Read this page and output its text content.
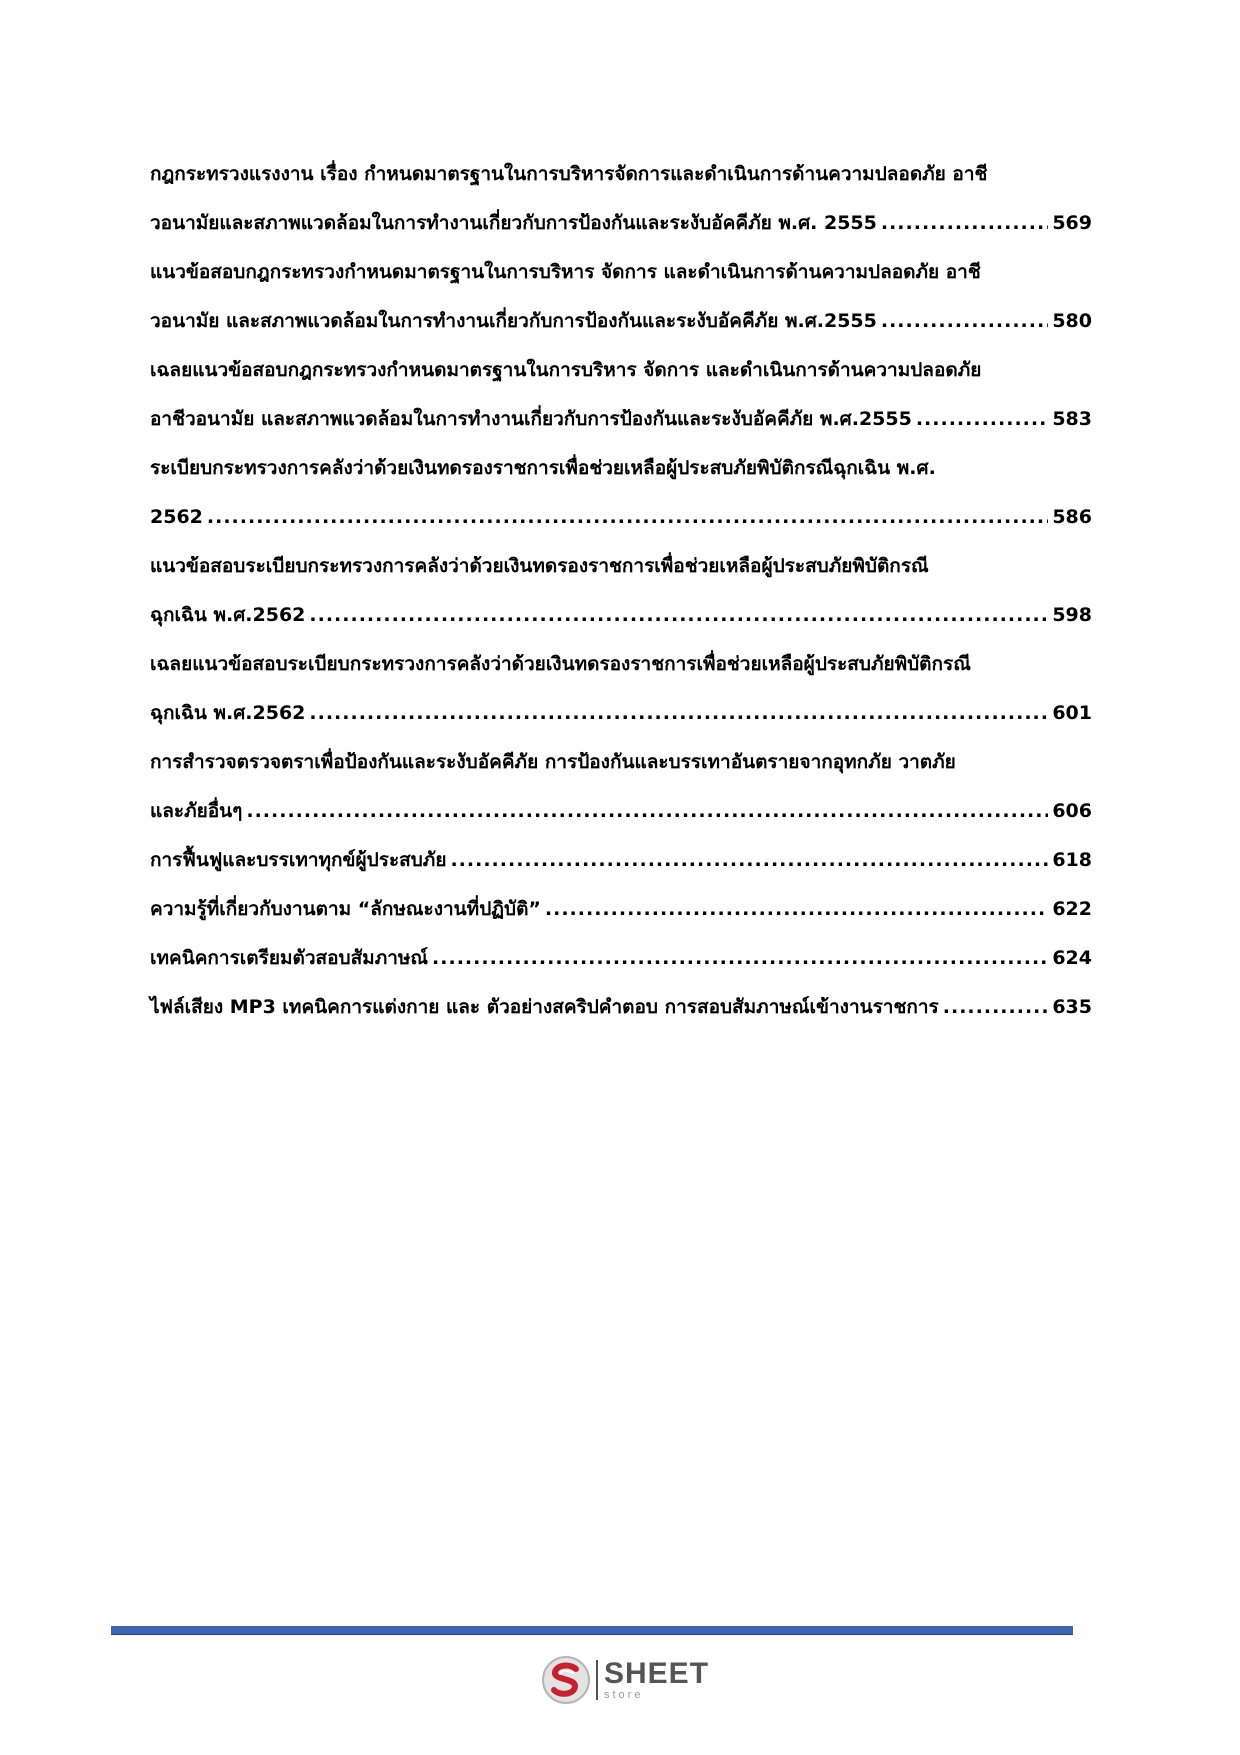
กฎกระทรวงแรงงาน เรื่อง กำหนดมาตรฐานในการบริหารจัดการและดำเนินการด้านความปลอดภัย อาชี
วอนามัยและสภาพแวดล้อมในการทำงานเกี่ยวกับการป้องกันและระงับอัคคีภัย พ.ศ. 2555 .....	569
แนวข้อสอบกฎกระทรวงกำหนดมาตรฐานในการบริหาร จัดการ และดำเนินการด้านความปลอดภัย อาชี
วอนามัย และสภาพแวดล้อมในการทำงานเกี่ยวกับการป้องกันและระงับอัคคีภัย พ.ศ.2555 .....	580
เฉลยแนวข้อสอบกฎกระทรวงกำหนดมาตรฐานในการบริหาร จัดการ และดำเนินการด้านความปลอดภัย
อาชีวอนามัย และสภาพแวดล้อมในการทำงานเกี่ยวกับการป้องกันและระงับอัคคีภัย พ.ศ.2555 .....	583
ระเบียบกระทรวงการคลังว่าด้วยเงินทดรองราชการเพื่อช่วยเหลือผู้ประสบภัยพิบัติกรณีฉุกเฉิน พ.ศ.
2562 .....	586
แนวข้อสอบระเบียบกระทรวงการคลังว่าด้วยเงินทดรองราชการเพื่อช่วยเหลือผู้ประสบภัยพิบัติกรณี
ฉุกเฉิน พ.ศ.2562 .....	598
เฉลยแนวข้อสอบระเบียบกระทรวงการคลังว่าด้วยเงินทดรองราชการเพื่อช่วยเหลือผู้ประสบภัยพิบัติกรณี
ฉุกเฉิน พ.ศ.2562 .....	601
การสำรวจตรวจตราเพื่อป้องกันและระงับอัคคีภัย การป้องกันและบรรเทาอันตรายจากอุทกภัย วาตภัย
และภัยอื่นๆ .....	606
การฟื้นฟูและบรรเทาทุกข์ผู้ประสบภัย .....	618
ความรู้ที่เกี่ยวกับงานตาม “ลักษณะงานที่ปฏิบัติ” .....	622
เทคนิคการเตรียมตัวสอบสัมภาษณ์ .....	624
ไฟล์เสียง MP3 เทคนิคการแต่งกาย และ ตัวอย่างสคริปคำตอบ การสอบสัมภาษณ์เข้างานราชการ .....	635
SHEET
store
